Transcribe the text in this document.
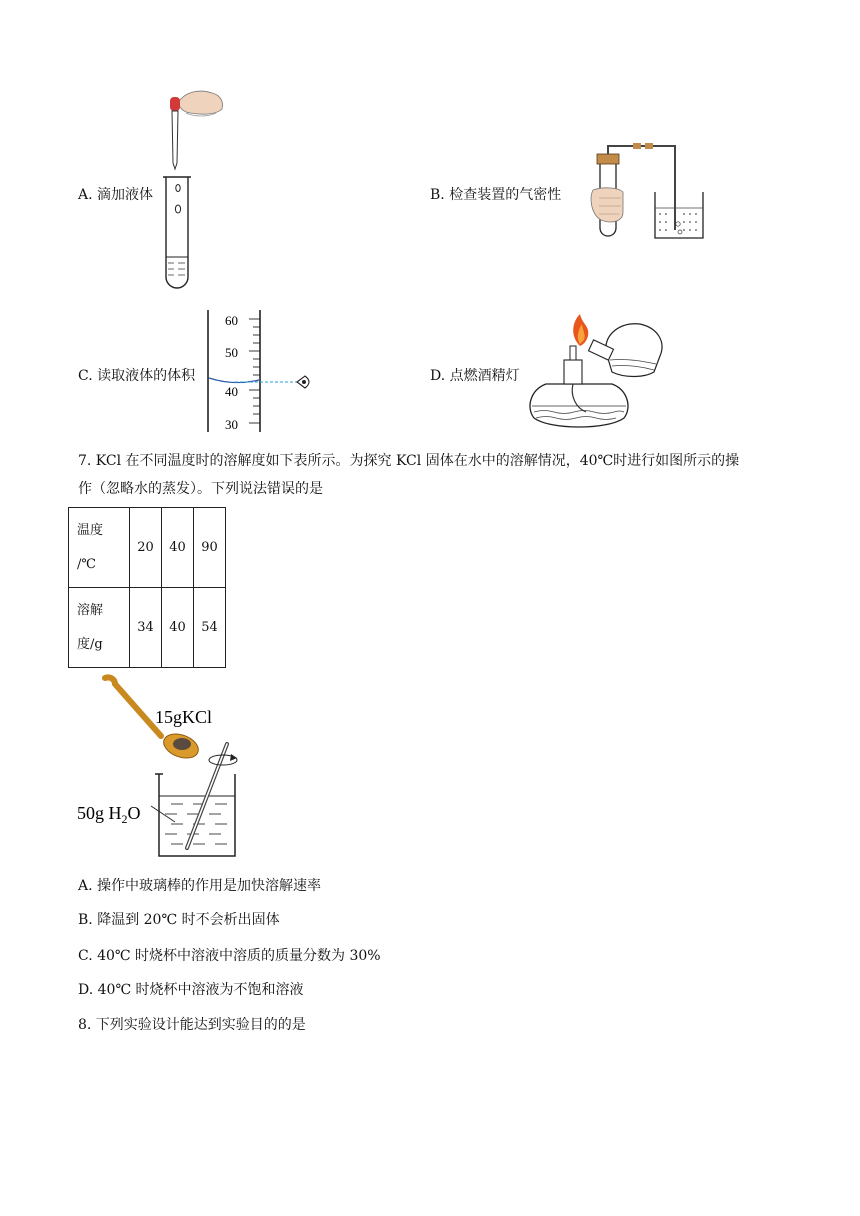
A. 滴加液体	B. 检查装置的气密性
C. 读取液体的体积	D. 点燃酒精灯
60
50
40
30
7. KCl 在不同温度时的溶解度如下表所示。为探究 KCl 固体在水中的溶解情况，40℃时进行如图所示的操
作（忽略水的蒸发）。下列说法错 ·误 ·的是
温度
/℃	20	40	90
溶解
度/g	34	40	54
15gKCl
50g $H_2O$
A. 操作中玻璃棒的作用是加快溶解速率
B. 降温到 20℃ 时不会析出固体
C. 40℃ 时烧杯中溶液中溶质的质量分数为 30%
D. 40℃ 时烧杯中溶液为不饱和溶液
8. 下列实验设计能达到实验目的的是
